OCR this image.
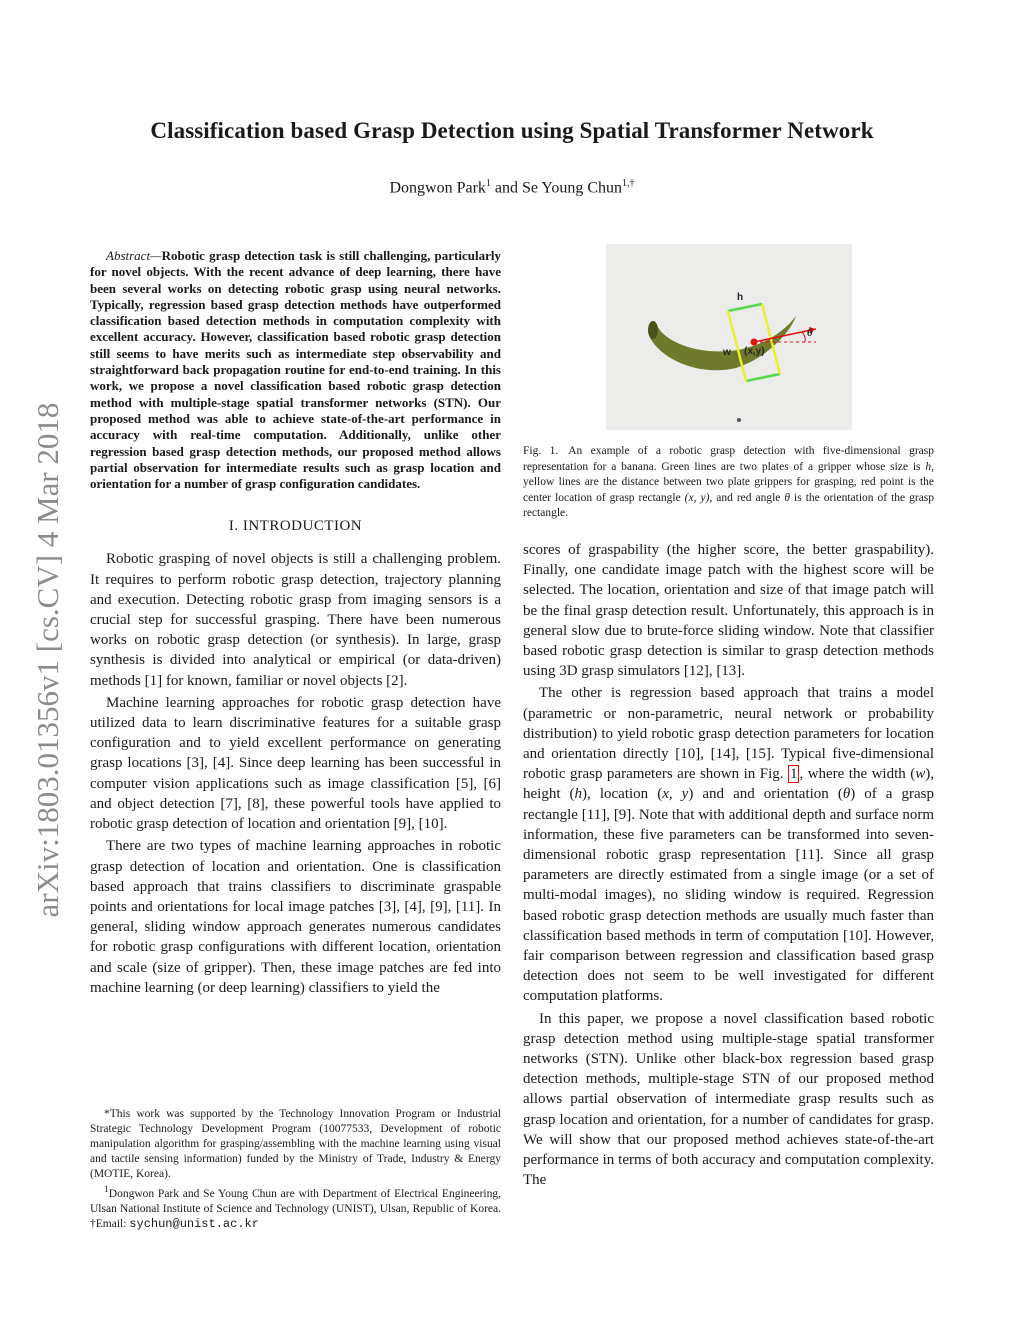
Classification based Grasp Detection using Spatial Transformer Network
Dongwon Park$^1$ and Se Young Chun$^{1,\dagger}$
arXiv:1803.01356v1 [cs.CV] 4 Mar 2018

Abstract—Robotic grasp detection task is still challenging, particularly for novel objects. With the recent advance of deep learning, there have been several works on detecting robotic grasp using neural networks. Typically, regression based grasp detection methods have outperformed classification based detection methods in computation complexity with excellent accuracy. However, classification based robotic grasp detection still seems to have merits such as intermediate step observability and straightforward back propagation routine for end-to-end training. In this work, we propose a novel classification based robotic grasp detection method with multiple-stage spatial transformer networks (STN). Our proposed method was able to achieve state-of-the-art performance in accuracy with real-time computation. Additionally, unlike other regression based grasp detection methods, our proposed method allows partial observation for intermediate results such as grasp location and orientation for a number of grasp configuration candidates.

I. INTRODUCTION

Robotic grasping of novel objects is still a challenging problem. It requires to perform robotic grasp detection, trajectory planning and execution. Detecting robotic grasp from imaging sensors is a crucial step for successful grasping. There have been numerous works on robotic grasp detection (or synthesis). In large, grasp synthesis is divided into analytical or empirical (or data-driven) methods [1] for known, familiar or novel objects [2].

Machine learning approaches for robotic grasp detection have utilized data to learn discriminative features for a suitable grasp configuration and to yield excellent performance on generating grasp locations [3], [4]. Since deep learning has been successful in computer vision applications such as image classification [5], [6] and object detection [7], [8], these powerful tools have applied to robotic grasp detection of location and orientation [9], [10].

There are two types of machine learning approaches in robotic grasp detection of location and orientation. One is classification based approach that trains classifiers to discriminate graspable points and orientations for local image patches [3], [4], [9], [11]. In general, sliding window approach generates numerous candidates for robotic grasp configurations with different location, orientation and scale (size of gripper). Then, these image patches are fed into machine learning (or deep learning) classifiers to yield the

*This work was supported by the Technology Innovation Program or Industrial Strategic Technology Development Program (10077533, Development of robotic manipulation algorithm for grasping/assembling with the machine learning using visual and tactile sensing information) funded by the Ministry of Trade, Industry & Energy (MOTIE, Korea).

$^1$Dongwon Park and Se Young Chun are with Department of Electrical Engineering, Ulsan National Institute of Science and Technology (UNIST), Ulsan, Republic of Korea. †Email: sychun@unist.ac.kr

h
w (x,y)
θ
Fig. 1. An example of a robotic grasp detection with five-dimensional grasp representation for a banana. Green lines are two plates of a gripper whose size is h, yellow lines are the distance between two plate grippers for grasping, red point is the center location of grasp rectangle (x, y), and red angle θ is the orientation of the grasp rectangle.

scores of graspability (the higher score, the better graspability). Finally, one candidate image patch with the highest score will be selected. The location, orientation and size of that image patch will be the final grasp detection result. Unfortunately, this approach is in general slow due to brute-force sliding window. Note that classifier based robotic grasp detection is similar to grasp detection methods using 3D grasp simulators [12], [13].

The other is regression based approach that trains a model (parametric or non-parametric, neural network or probability distribution) to yield robotic grasp detection parameters for location and orientation directly [10], [14], [15]. Typical five-dimensional robotic grasp parameters are shown in Fig. 1 , where the width (w), height (h), location (x, y) and and orientation (θ) of a grasp rectangle [11], [9]. Note that with additional depth and surface norm information, these five parameters can be transformed into seven-dimensional robotic grasp representation [11]. Since all grasp parameters are directly estimated from a single image (or a set of multi-modal images), no sliding window is required. Regression based robotic grasp detection methods are usually much faster than classification based methods in term of computation [10]. However, fair comparison between regression and classification based grasp detection does not seem to be well investigated for different computation platforms.

In this paper, we propose a novel classification based robotic grasp detection method using multiple-stage spatial transformer networks (STN). Unlike other black-box regression based grasp detection methods, multiple-stage STN of our proposed method allows partial observation of intermediate grasp results such as grasp location and orientation, for a number of candidates for grasp. We will show that our proposed method achieves state-of-the-art performance in terms of both accuracy and computation complexity. The
